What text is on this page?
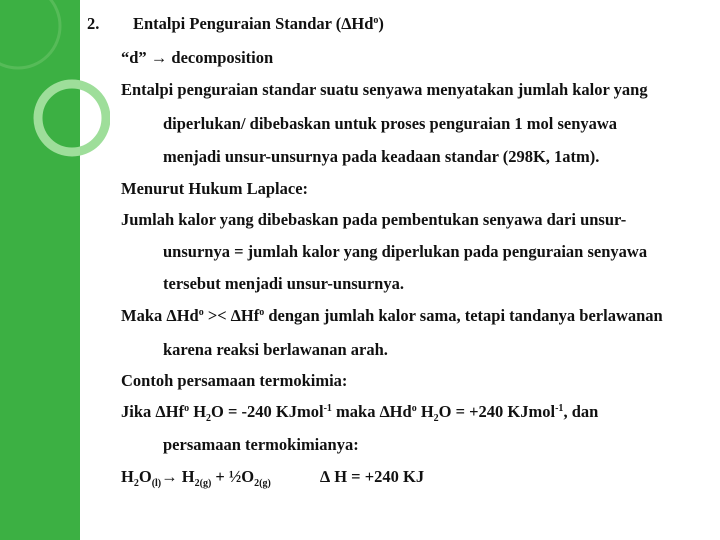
2. Entalpi Penguraian Standar (∆Hd$^o$)
“d” → decomposition
Entalpi penguraian standar suatu senyawa menyatakan jumlah kalor yang
diperlukan/ dibebaskan untuk proses penguraian 1 mol senyawa
menjadi unsur-unsurnya pada keadaan standar (298K, 1atm).
Menurut Hukum Laplace:
Jumlah kalor yang dibebaskan pada pembentukan senyawa dari unsur-
unsurnya = jumlah kalor yang diperlukan pada penguraian senyawa
tersebut menjadi unsur-unsurnya.
Maka $\Delta Hd^o >< \Delta Hf^o$ dengan jumlah kalor sama, tetapi tandanya berlawanan
karena reaksi berlawanan arah.
Contoh persamaan termokimia:
Jika ΔHf$^o$ $H_2O = -240$ KJmol$^{-1}$ maka ∆Hd$^o$ $H_2O = +240$ KJmol$^{-1}$, dan
persamaan termokimianya:
$H_2O_{(l)}\to H_{2(g)}$ + $\frac{1}{2}O_{2(g)}$	∆ H = +240 KJ
